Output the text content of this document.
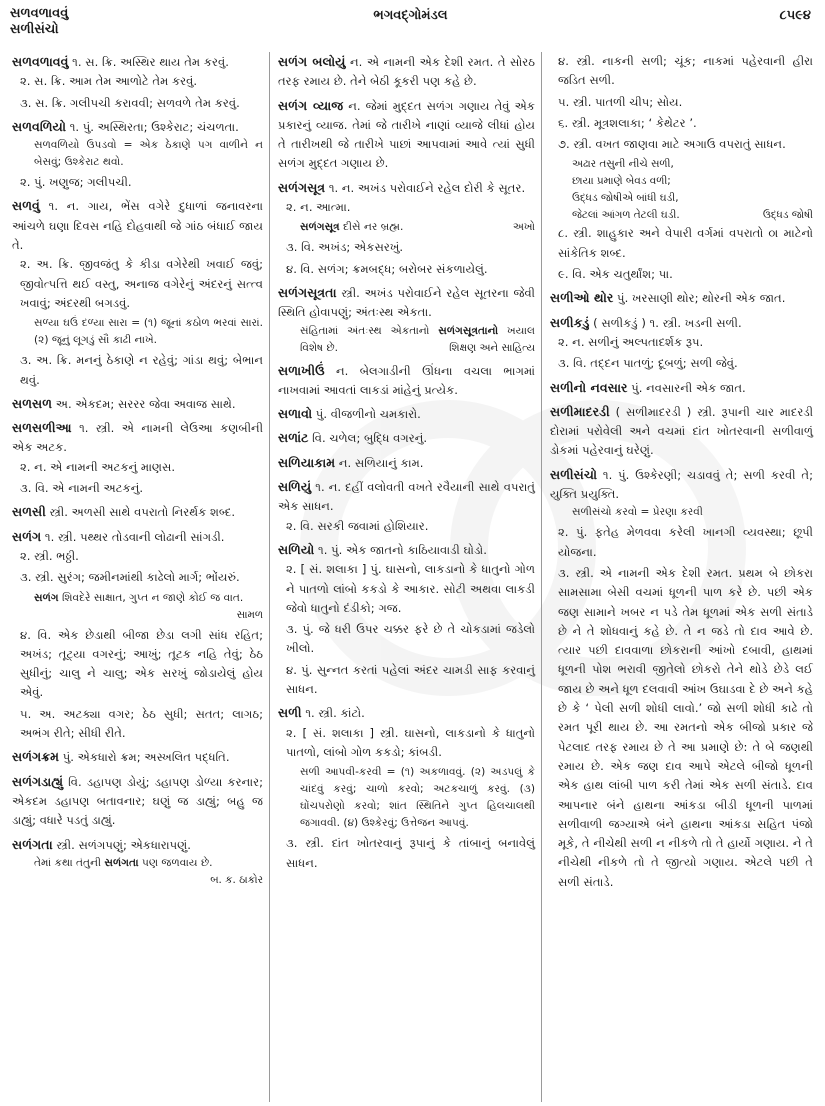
સળવળાવવું
સળીસંચો
ભગવદ્ગોમંડલ	૮૫૯૪
સળવળાવવું ૧. સ. ક્રિ. અસ્થિર થાય તેમ કરવું.
૨. સ. ક્રિ. આમ તેમ આળોટે તેમ કરવું.
૩. સ. ક્રિ. ગલીપચી કરાવવી; સળવળે તેમ કરવું.
સળવળિયો ૧. પું. અસ્થિરતા; ઉશ્કેરાટ; ચંચળતા.
સળવળિયો ઉપડવો = એક ઠેકાણે પગ વાળીને ન બેસવું; ઉશ્કેરાટ થવો.
૨. પું. ખણુજ; ગલીપચી.
સળવું ૧. ન. ગાય, ભેંસ વગેરે દુધાળાં જનાવરના આંચળે ઘણા દિવસ નહિ દોહવાથી જે ગાંઠ બંધાઈ જાય તે.
૨. અ. ક્રિ. જીવજંતુ કે કીડા વગેરેથી ખવાઈ જવું; જીવોત્પત્તિ થઈ વસ્તુ, અનાજ વગેરેનું અંદરનું સત્ત્વ ખવાવું; અંદરથી બગડવું.
સળ્યા ઘઉં દળ્યા સારા = (૧) જૂનાં કઠોળ ભરવાં સારાં. (૨) જૂનું લૂગડું સૌ કાઢી નાખે.
૩. અ. ક્રિ. મનનું ઠેકાણે ન રહેવું; ગાંડા થવું; બેભાન થવું.
સળસળ અ. એકદમ; સરરર જેવા અવાજ સાથે.
સળસળીઆ ૧. સ્ત્રી. એ નામની લેઉઆ કણબીની એક અટક.
૨. ન. એ નામની અટકનું માણસ.
૩. વિ. એ નામની અટકનું.
સળસી સ્ત્રી. અળસી સાથે વપરાતો નિરર્થક શબ્દ.
સળંગ ૧. સ્ત્રી. પથ્થર તોડવાની લોઢાની સાંગડી.
૨. સ્ત્રી. ભઠ્ઠી.
૩. સ્ત્રી. સુરંગ; જમીનમાંથી કાઢેલો માર્ગ; ભોંયરું.
સળંગ શિવદેરે સાક્ષાત, ગુપ્ત ન જાણે કોઈ જ વાત.
સામળ
૪. વિ. એક છેડાથી બીજા છેડા લગી સાંધ રહિત; અખંડ; તૂટ્યા વગરનું; આખું; તૂટક નહિ તેવું; ઠેઠ સુધીનું; ચાલુ ને ચાલુ; એક સરખું જોડાયેલું હોય એવું.
૫. અ. અટક્યા વગર; ઠેઠ સુધી; સતત; લાગઠ; અભંગ રીતે; સીધી રીતે.
સળંગક્રમ પું. એકધારો ક્રમ; અસ્ખલિત પદ્ધતિ.
સળંગડાહ્યું વિ. ડહાપણ ડોયું; ડહાપણ ડોળ્યા કરનાર; એકદમ ડહાપણ બતાવનાર; ઘણું જ ડાહ્યું; બહુ જ ડાહ્યું; વધારે પડતું ડાહ્યું.
સળંગતા સ્ત્રી. સળંગપણું; એકધારાપણું.
તેમાં કથા તંતુની સળંગતા પણ જળવાય છે.
બ. ક. ઠાકોર
સળંગ બલોયું ન. એ નામની એક દેશી રમત. તે સોરઠ તરફ રમાય છે. તેને બેઠી કૂકરી પણ કહે છે.
સળંગ વ્યાજ ન. જેમાં મુદ્દત સળંગ ગણાય તેવું એક પ્રકારનું વ્યાજ. તેમાં જે તારીખે નાણાં વ્યાજે લીધાં હોય તે તારીખથી જે તારીખે પાછાં આપવામાં આવે ત્યાં સુધી સળંગ મુદ્દત ગણાય છે.
સળંગસૂત્ર ૧. ન. અખંડ પરોવાઈને રહેલ દોરી કે સૂતર.
૨. ન. આત્મા.
સળંગસૂત્ર દીસે નર બ્રહ્મ.	અખો
૩. વિ. અખંડ; એકસરખું.
૪. વિ. સળંગ; ક્રમબદ્ધ; બરોબર સંકળાયેલું.
સળંગસૂત્રતા સ્ત્રી. અખંડ પરોવાઈને રહેલ સૂતરના જેવી સ્થિતિ હોવાપણું; અંતઃસ્થ એકતા.
સંહિતામાં અંતઃસ્થ એકતાનો સળંગસૂત્રતાનો ખયાલ વિશેષ છે.	શિક્ષણ અને સાહિત્ય
સળાખીઉં ન. બેલગાડીની ઊંધના વચલા ભાગમાં નાખવામાં આવતાં લાકડાં માંહેનું પ્રત્યેક.
સળાવો પું. વીજળીનો ચમકારો.
સળાંટ વિ. ચળેલ; બુદ્ધિ વગરનું.
સળિયાકામ ન. સળિયાનું કામ.
સળિયું ૧. ન. દહીં વલોવતી વખતે રવૈયાની સાથે વપરાતું એક સાધન.
૨. વિ. સરકી જવામાં હોશિયાર.
સળિયો ૧. પું. એક જાતનો કાઠિયાવાડી ઘોડો.
૨. [ સં. શલાકા ] પું. ઘાસનો, લાકડાનો કે ધાતુનો ગોળ ને પાતળો લાંબો કકડો કે આકાર. સોટી અથવા લાકડી જેવો ધાતુનો દંડીકો; ગજ.
૩. પું. જે ધરી ઉપર ચક્કર ફરે છે તે ચોકડામાં જડેલો ખીલો.
૪. પું. સુન્નત કરતાં પહેલાં અંદર ચામડી સાફ કરવાનું સાધન.
સળી ૧. સ્ત્રી. કાંટો.
૨. [ સં. શલાકા ] સ્ત્રી. ઘાસનો, લાકડાનો કે ધાતુનો પાતળો, લાંબો ગોળ કકડો; કાંબડી.
સળી આપવી-કરવી = (૧) અકળાવવું. (૨) અડપલું કે ચાંદવું કરવું; ચાળો કરવો; અટકચાળું કરવું. (૩) ઘોંચપરોણો કરવો; શાંત સ્થિતિને ગુપ્ત હિલચાલથી જગાવવી. (૪) ઉશ્કેરવું; ઉત્તેજન આપવું.
૩. સ્ત્રી. દાંત ખોતરવાનું રૂપાનું કે તાંબાનું બનાવેલું સાધન.
૪. સ્ત્રી. નાકની સળી; ચૂંક; નાકમાં પહેરવાની હીરા જડિત સળી.
૫. સ્ત્રી. પાતળી ચીપ; સોય.
૬. સ્ત્રી. મૂત્રશલાકા; ‘ કેથેટર ’.
૭. સ્ત્રી. વખત જાણવા માટે અગાઉ વપરાતું સાધન.
અઢાર તસુની નીચે સળી,
છાયા પ્રમાણે બેવડ વળી;
ઉદ્ધડ જોષીએ બાંધી ઘડી,
જેટલાં આંગળ તેટલી ઘડી.	ઉદ્ધડ જોષી
૮. સ્ત્રી. શાહુકાર અને વેપારી વર્ગમાં વપરાતો ૦। માટેનો સાંકેતિક શબ્દ.
૯. વિ. એક ચતુર્થાંશ; પા.
સળીઓ થોર પું. ખરસાણી થોર; થોરની એક જાત.
સળીકડું ( સળીકડું ) ૧. સ્ત્રી. ખડની સળી.
૨. ન. સળીનું અલ્પતાદર્શક રૂપ.
૩. વિ. તદ્દન પાતળું; દૂબળું; સળી જેવું.
સળીનો નવસાર પું. નવસારની એક જાત.
સળીમાદરડી ( સળીમાદરડી ) સ્ત્રી. રૂપાની ચાર માદરડી દોરામાં પરોવેલી અને વચમાં દાંત ખોતરવાની સળીવાળું ડોકમાં પહેરવાનું ઘરેણું.
સળીસંચો ૧. પું. ઉશ્કેરણી; ચડાવવું તે; સળી કરવી તે; યુક્તિ પ્રયુક્તિ.
સળીસંચો કરવો = પ્રેરણા કરવી
૨. પું. ફતેહ મેળવવા કરેલી ખાનગી વ્યવસ્થા; છૂપી યોજના.
૩. સ્ત્રી. એ નામની એક દેશી રમત. પ્રથમ બે છોકરા સામસામા બેસી વચમાં ધૂળની પાળ કરે છે. પછી એક જણ સામાને ખબર ન પડે તેમ ધૂળમાં એક સળી સંતાડે છે ને તે શોધવાનું કહે છે. તે ન જડે તો દાવ આવે છે. ત્યાર પછી દાવવાળા છોકરાની આંખો દબાવી, હાથમાં ધૂળની પોશ ભરાવી જીતેલો છોકરો તેને થોડે છેડે લઈ જાય છે અને ધૂળ દલવાવી આંખ ઉઘાડવા દે છે અને કહે છે કે ‘ પેલી સળી શોધી લાવો.’ જો સળી શોધી કાઢે તો રમત પૂરી થાય છે. આ રમતનો એક બીજો પ્રકાર જે પેટલાદ તરફ રમાય છે તે આ પ્રમાણે છે: તે બે જણથી રમાય છે. એક જણ દાવ આપે એટલે બીજો ધૂળની એક હાથ લાંબી પાળ કરી તેમાં એક સળી સંતાડે. દાવ આપનાર બંને હાથના આંકડા બીડી ધૂળની પાળમાં સળીવાળી જગ્યાએ બંને હાથના આંકડા સહિત પંજો મૂકે, તે નીચેથી સળી ન નીકળે તો તે હાર્યો ગણાય. ને તે નીચેથી નીકળે તો તે જીત્યો ગણાય. એટલે પછી તે સળી સંતાડે.
